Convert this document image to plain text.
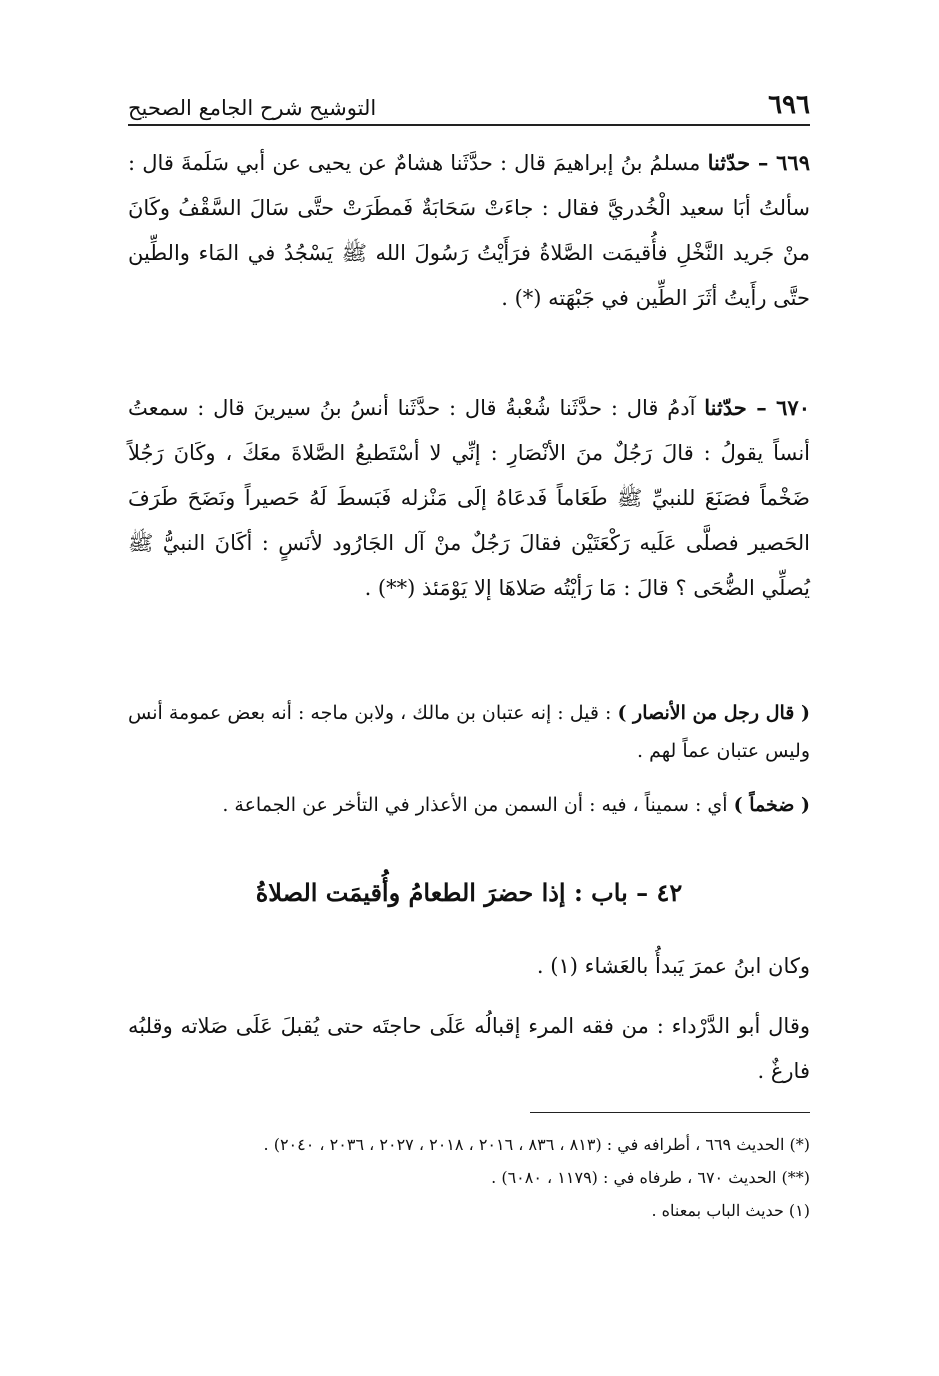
٦٩٦
التوشيح شرح الجامع الصحيح

٦٦٩ – حدّثنا مسلمُ بنُ إبراهيمَ قال : حدَّثَنا هشامٌ عن يحيى عن أبي سَلَمةَ قال : سألتُ أبَا سعيد الْخُدريَّ فقال : جاءَتْ سَحَابَةٌ فَمطَرَتْ حتَّى سَالَ السَّقْفُ وكَانَ منْ جَريد النَّخْلِ فأُقيمَت الصَّلاةُ فرَأَيْتُ رَسُولَ الله ﷺ يَسْجُدُ في المَاء والطِّين حتَّى رأَيتُ أثَرَ الطِّين في جَبْهَته (*) .

٦٧٠ – حدّثنا آدمُ قال : حدَّثَنا شُعْبةُ قال : حدَّثَنا أنسُ بنُ سيرينَ قال : سمعتُ أنساً يقولُ : قالَ رَجُلٌ منَ الأنْصَارِ : إنِّي لا أسْتَطيعُ الصَّلاةَ معَكَ ، وكَانَ رَجُلاً ضَخْماً فصَنَعَ للنبيِّ ﷺ طَعَاماً فَدعَاهُ إلَى مَنْزله فَبَسطَ لَهُ حَصيراً ونَضَحَ طَرَفَ الحَصير فصلَّى عَلَيه رَكْعَتَيْن فقالَ رَجُلٌ منْ آل الجَارُود لأنَسٍ : أكَانَ النبيُّ ﷺ يُصلِّي الضُّحَى ؟ قالَ : مَا رَأيْتُه صَلاهَا إلا يَوْمَئذ (**) .

( قال رجل من الأنصار ) : قيل : إنه عتبان بن مالك ، ولابن ماجه : أنه بعض عمومة أنس وليس عتبان عماً لهم .

( ضخماً ) أي : سميناً ، فيه : أن السمن من الأعذار في التأخر عن الجماعة .

٤٢ – باب : إذا حضرَ الطعامُ وأُقيمَت الصلاةُ

وكان ابنُ عمرَ يَبدأُ بالعَشاء (١) .

وقال أبو الدَّرْداء : من فقه المرء إقبالُه عَلَى حاجتَه حتى يُقبلَ عَلَى صَلاته وقلبُه فارغٌ .

(*) الحديث ٦٦٩ ، أطرافه في : (٨١٣ ، ٨٣٦ ، ٢٠١٦ ، ٢٠١٨ ، ٢٠٢٧ ، ٢٠٣٦ ، ٢٠٤٠) .

(**) الحديث ٦٧٠ ، طرفاه في : (١١٧٩ ، ٦٠٨٠) .

(١) حديث الباب بمعناه .
